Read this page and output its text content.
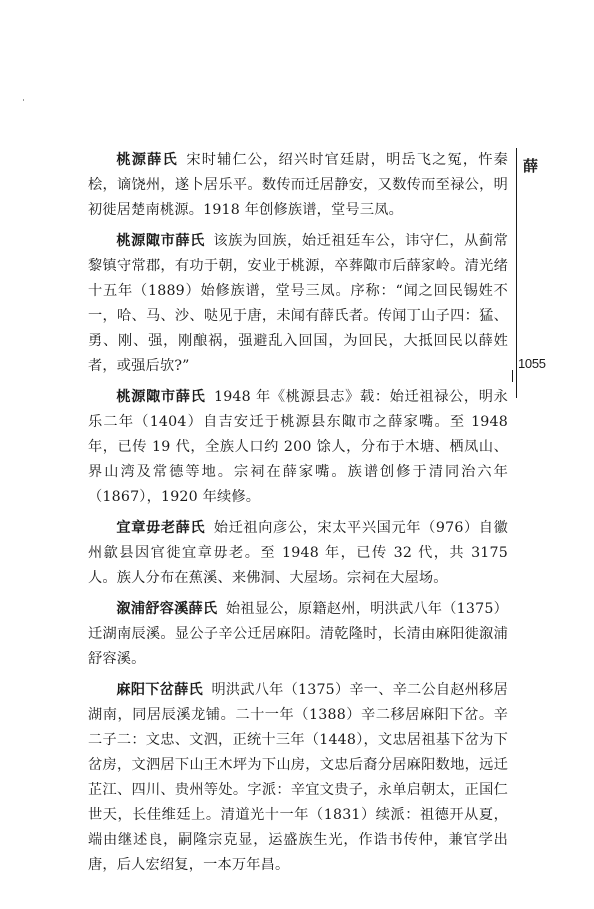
桃源薛氏 宋时辅仁公，绍兴时官廷尉，明岳飞之冤，忤秦桧，谪饶州，遂卜居乐平。数传而迁居静安，又数传而至禄公，明初徙居楚南桃源。1918 年创修族谱，堂号三凤。

桃源陬市薛氏 该族为回族，始迁祖廷车公，讳守仁，从蓟常黎镇守常郡，有功于朝，安业于桃源，卒葬陬市后薛家岭。清光绪十五年（1889）始修族谱，堂号三凤。序称：“闻之回民锡姓不一，哈、马、沙、哒见于唐，未闻有薛氏者。传闻丁山子四：猛、勇、刚、强，刚酿祸，强避乱入回国，为回民，大抵回民以薛姓者，或强后欤?”

桃源陬市薛氏 1948 年《桃源县志》载：始迁祖禄公，明永乐二年（1404）自吉安迁于桃源县东陬市之薛家嘴。至 1948 年，已传 19 代，全族人口约 200 馀人，分布于木塘、栖凤山、界山湾及常德等地。宗祠在薛家嘴。族谱创修于清同治六年（1867），1920 年续修。

宜章毋老薛氏 始迁祖向彦公，宋太平兴国元年（976）自徽州歙县因官徙宜章毋老。至 1948 年，已传 32 代，共 3175 人。族人分布在蕉溪、来佛洞、大屋场。宗祠在大屋场。

溆浦舒容溪薛氏 始祖显公，原籍赵州，明洪武八年（1375）迁湖南辰溪。显公子辛公迁居麻阳。清乾隆时，长清由麻阳徙溆浦舒容溪。

麻阳下岔薛氏 明洪武八年（1375）辛一、辛二公自赵州移居湖南，同居辰溪龙铺。二十一年（1388）辛二移居麻阳下岔。辛二子二：文忠、文泗，正统十三年（1448），文忠居祖基下岔为下岔房，文泗居下山王木坪为下山房，文忠后裔分居麻阳数地，远迁芷江、四川、贵州等处。字派：辛宜文贵子，永单启朝太，正国仁世天，长佳维廷上。清道光十一年（1831）续派：祖德开从夏，端由继述良，嗣隆宗克显，运盛族生光，作诰书传仲，兼官学出唐，后人宏绍复，一本万年昌。

薛
1055
